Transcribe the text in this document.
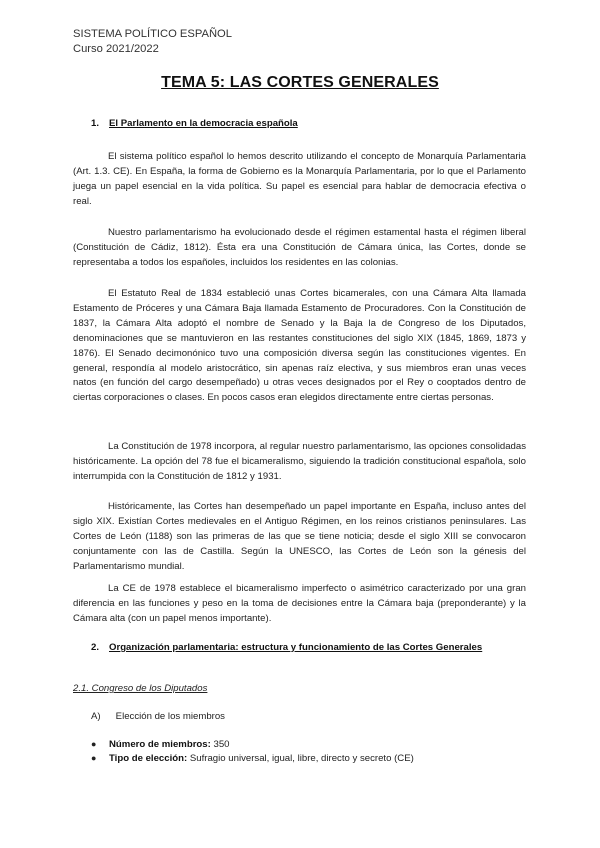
SISTEMA POLÍTICO ESPAÑOL
Curso 2021/2022
TEMA 5: LAS CORTES GENERALES
1. El Parlamento en la democracia española

El sistema político español lo hemos descrito utilizando el concepto de Monarquía Parlamentaria (Art. 1.3. CE). En España, la forma de Gobierno es la Monarquía Parlamentaria, por lo que el Parlamento juega un papel esencial en la vida política. Su papel es esencial para hablar de democracia efectiva o real.

Nuestro parlamentarismo ha evolucionado desde el régimen estamental hasta el régimen liberal (Constitución de Cádiz, 1812). Ésta era una Constitución de Cámara única, las Cortes, donde se representaba a todos los españoles, incluidos los residentes en las colonias.

El Estatuto Real de 1834 estableció unas Cortes bicamerales, con una Cámara Alta llamada Estamento de Próceres y una Cámara Baja llamada Estamento de Procuradores. Con la Constitución de 1837, la Cámara Alta adoptó el nombre de Senado y la Baja la de Congreso de los Diputados, denominaciones que se mantuvieron en las restantes constituciones del siglo XIX (1845, 1869, 1873 y 1876). El Senado decimonónico tuvo una composición diversa según las constituciones vigentes. En general, respondía al modelo aristocrático, sin apenas raíz electiva, y sus miembros eran unas veces natos (en función del cargo desempeñado) u otras veces designados por el Rey o cooptados dentro de ciertas corporaciones o clases. En pocos casos eran elegidos directamente entre ciertas personas.

La Constitución de 1978 incorpora, al regular nuestro parlamentarismo, las opciones consolidadas históricamente. La opción del 78 fue el bicameralismo, siguiendo la tradición constitucional española, solo interrumpida con la Constitución de 1812 y 1931.

Históricamente, las Cortes han desempeñado un papel importante en España, incluso antes del siglo XIX. Existían Cortes medievales en el Antiguo Régimen, en los reinos cristianos peninsulares. Las Cortes de León (1188) son las primeras de las que se tiene noticia; desde el siglo XIII se convocaron conjuntamente con las de Castilla. Según la UNESCO, las Cortes de León son la génesis del Parlamentarismo mundial.

La CE de 1978 establece el bicameralismo imperfecto o asimétrico caracterizado por una gran diferencia en las funciones y peso en la toma de decisiones entre la Cámara baja (preponderante) y la Cámara alta (con un papel menos importante).

2. Organización parlamentaria: estructura y funcionamiento de las Cortes Generales
2.1. Congreso de los Diputados
A) Elección de los miembros
● Número de miembros: 350
● Tipo de elección: Sufragio universal, igual, libre, directo y secreto (CE)
